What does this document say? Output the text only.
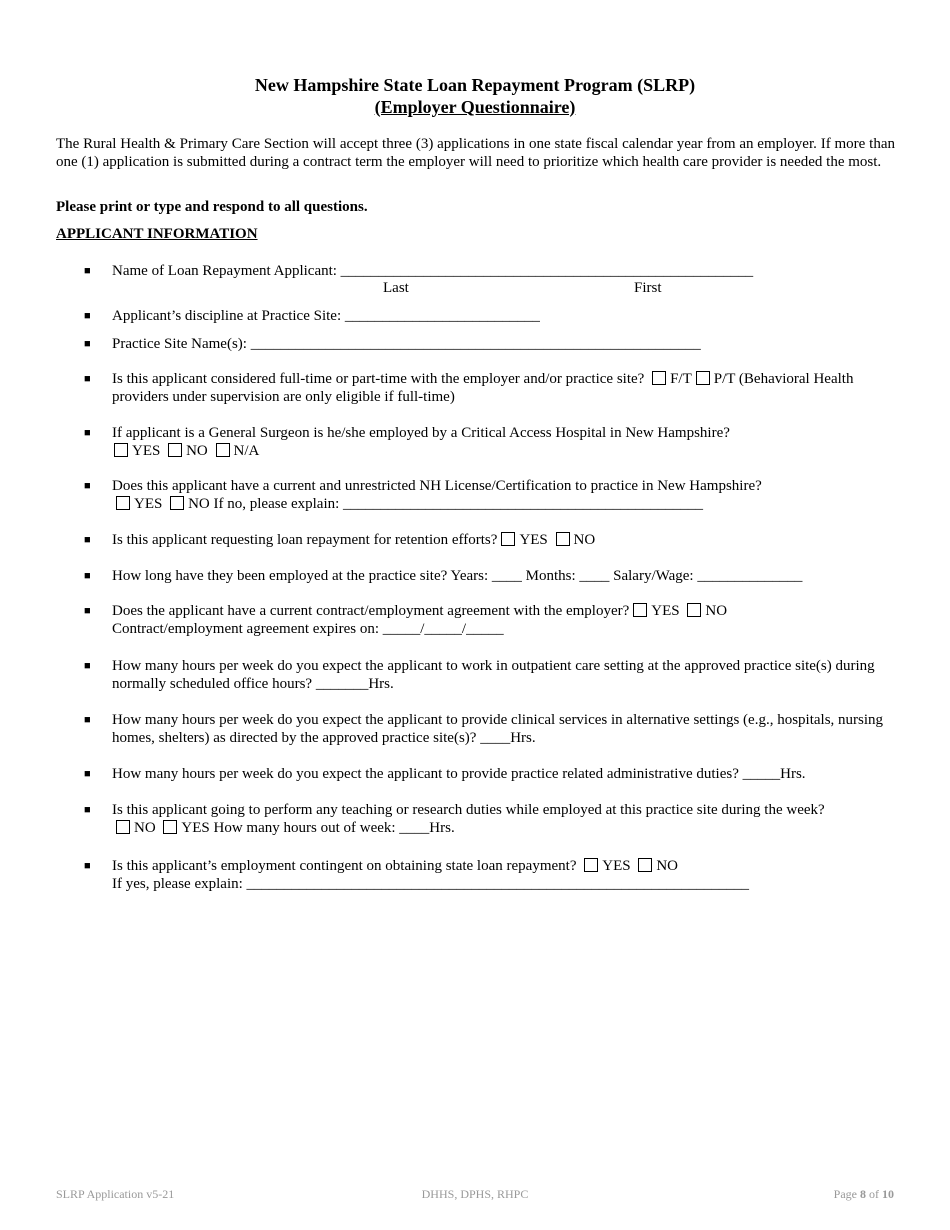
New Hampshire State Loan Repayment Program (SLRP)
(Employer Questionnaire)
The Rural Health & Primary Care Section will accept three (3) applications in one state fiscal calendar year from an employer. If more than one (1) application is submitted during a contract term the employer will need to prioritize which health care provider is needed the most.
Please print or type and respond to all questions.
APPLICANT INFORMATION
■ Name of Loan Repayment Applicant: _______________________________________________________
Last	First
■ Applicant’s discipline at Practice Site: __________________________
■ Practice Site Name(s): ____________________________________________________________
■ Is this applicant considered full-time or part-time with the employer and/or practice site? F/T P/T (Behavioral Health providers under supervision are only eligible if full-time)
■ If applicant is a General Surgeon is he/she employed by a Critical Access Hospital in New Hampshire?
YES NO N/A
■ Does this applicant have a current and unrestricted NH License/Certification to practice in New Hampshire?
YES NO If no, please explain: ________________________________________________
■ Is this applicant requesting loan repayment for retention efforts? YES NO
■ How long have they been employed at the practice site? Years: ____ Months: ____ Salary/Wage: ______________
■ Does the applicant have a current contract/employment agreement with the employer? YES NO
Contract/employment agreement expires on: _____/_____/_____
■ How many hours per week do you expect the applicant to work in outpatient care setting at the approved practice site(s) during normally scheduled office hours? _______Hrs.
■ How many hours per week do you expect the applicant to provide clinical services in alternative settings (e.g., hospitals, nursing homes, shelters) as directed by the approved practice site(s)? ____Hrs.
■ How many hours per week do you expect the applicant to provide practice related administrative duties? _____Hrs.
■ Is this applicant going to perform any teaching or research duties while employed at this practice site during the week?
NO YES How many hours out of week: ____Hrs.
■ Is this applicant’s employment contingent on obtaining state loan repayment? YES NO
If yes, please explain: ___________________________________________________________________
SLRP Application v5-21	DHHS, DPHS, RHPC	Page 8 of 10
